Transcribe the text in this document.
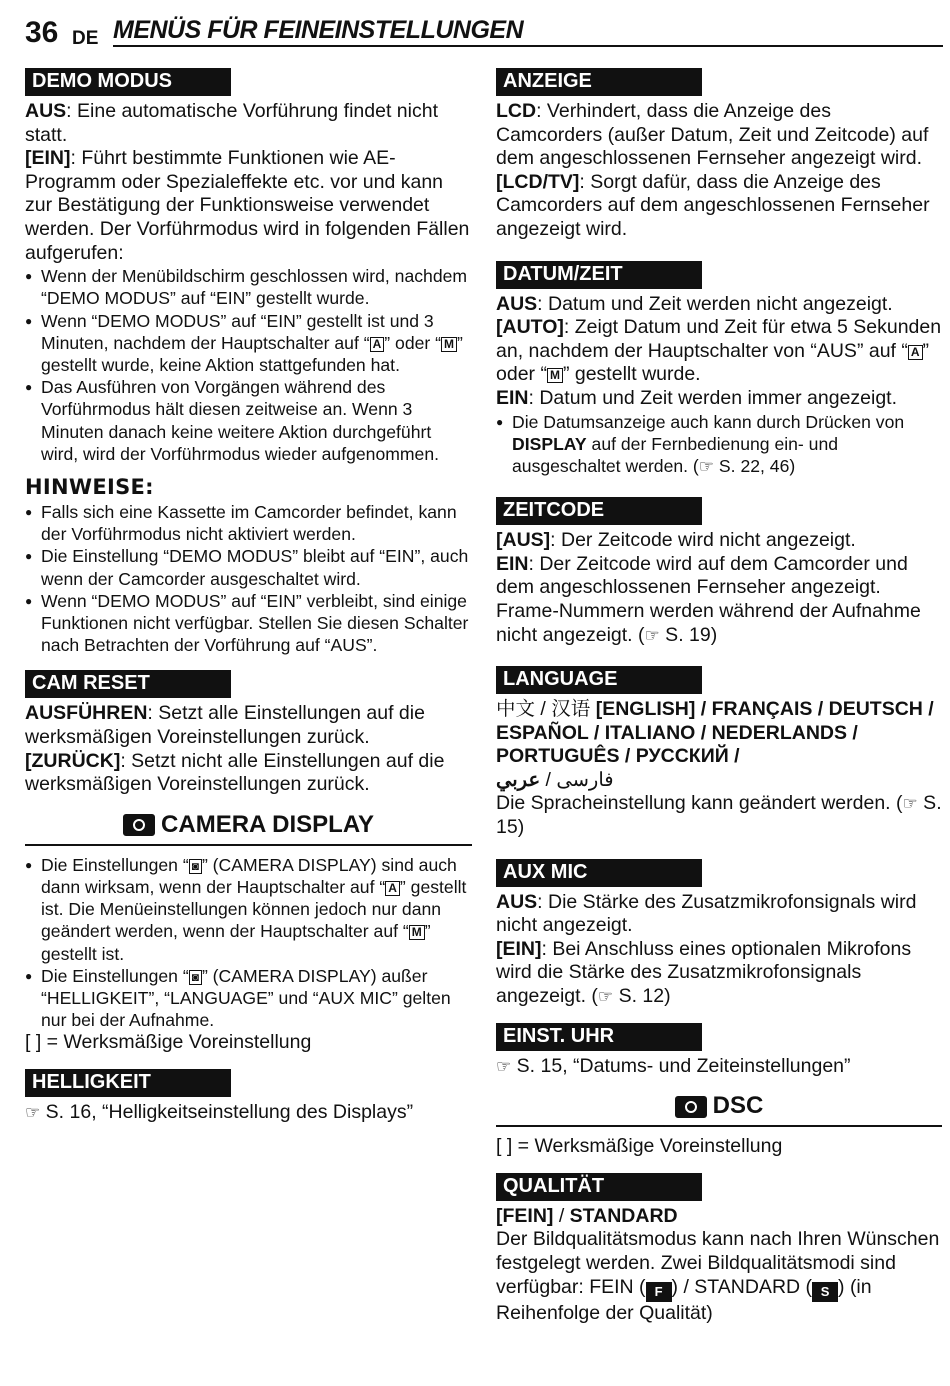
36 DE MENÜS FÜR FEINEINSTELLUNGEN
DEMO MODUS

AUS: Eine automatische Vorführung findet nicht statt.

[EIN]: Führt bestimmte Funktionen wie AE-Programm oder Spezialeffekte etc. vor und kann zur Bestätigung der Funktionsweise verwendet werden. Der Vorführmodus wird in folgenden Fällen aufgerufen:

● Wenn der Menübildschirm geschlossen wird, nachdem “DEMO MODUS” auf “EIN” gestellt wurde.
● Wenn “DEMO MODUS” auf “EIN” gestellt ist und 3 Minuten, nachdem der Hauptschalter auf “ A ” oder “ M ” gestellt wurde, keine Aktion stattgefunden hat.
● Das Ausführen von Vorgängen während des Vorführmodus hält diesen zeitweise an. Wenn 3 Minuten danach keine weitere Aktion durchgeführt wird, wird der Vorführmodus wieder aufgenommen.
HINWEISE:
● Falls sich eine Kassette im Camcorder befindet, kann der Vorführmodus nicht aktiviert werden.
● Die Einstellung “DEMO MODUS” bleibt auf “EIN”, auch wenn der Camcorder ausgeschaltet wird.
● Wenn “DEMO MODUS” auf “EIN” verbleibt, sind einige Funktionen nicht verfügbar. Stellen Sie diesen Schalter nach Betrachten der Vorführung auf “AUS”.
CAM RESET

AUSFÜHREN: Setzt alle Einstellungen auf die werksmäßigen Voreinstellungen zurück.

[ZURÜCK]: Setzt nicht alle Einstellungen auf die werksmäßigen Voreinstellungen zurück.

CAMERA DISPLAY
● Die Einstellungen “ ◙ ” (CAMERA DISPLAY) sind auch dann wirksam, wenn der Hauptschalter auf “ A ” gestellt ist. Die Menüeinstellungen können jedoch nur dann geändert werden, wenn der Hauptschalter auf “ M ” gestellt ist.
● Die Einstellungen “ ◙ ” (CAMERA DISPLAY) außer “HELLIGKEIT”, “LANGUAGE” und “AUX MIC” gelten nur bei der Aufnahme.

[ ] = Werksmäßige Voreinstellung

HELLIGKEIT

☞ S. 16, “Helligkeitseinstellung des Displays”

ANZEIGE

LCD: Verhindert, dass die Anzeige des Camcorders (außer Datum, Zeit und Zeitcode) auf dem angeschlossenen Fernseher angezeigt wird.

[LCD/TV]: Sorgt dafür, dass die Anzeige des Camcorders auf dem angeschlossenen Fernseher angezeigt wird.

DATUM/ZEIT

AUS: Datum und Zeit werden nicht angezeigt.

[AUTO]: Zeigt Datum und Zeit für etwa 5 Sekunden an, nachdem der Hauptschalter von “AUS” auf “ A ” oder “ M ” gestellt wurde.

EIN: Datum und Zeit werden immer angezeigt.

● Die Datumsanzeige auch kann durch Drücken von DISPLAY auf der Fernbedienung ein- und ausgeschaltet werden. (☞ S. 22, 46)
ZEITCODE

[AUS]: Der Zeitcode wird nicht angezeigt.

EIN: Der Zeitcode wird auf dem Camcorder und dem angeschlossenen Fernseher angezeigt. Frame-Nummern werden während der Aufnahme nicht angezeigt. (☞ S. 19)

LANGUAGE

中文 / 汉语 [ENGLISH] / FRANÇAIS / DEUTSCH / ESPAÑOL / ITALIANO / NEDERLANDS / PORTUGUÊS / РУССКИЙ /

فارسی / عربي

Die Spracheinstellung kann geändert werden. (☞ S. 15)

AUX MIC

AUS: Die Stärke des Zusatzmikrofonsignals wird nicht angezeigt.

[EIN]: Bei Anschluss eines optionalen Mikrofons wird die Stärke des Zusatzmikrofonsignals angezeigt. (☞ S. 12)

EINST. UHR

☞ S. 15, “Datums- und Zeiteinstellungen”

DSC

[ ] = Werksmäßige Voreinstellung

QUALITÄT

[FEIN] / STANDARD

Der Bildqualitätsmodus kann nach Ihren Wünschen festgelegt werden. Zwei Bildqualitätsmodi sind verfügbar: FEIN ( F ) / STANDARD ( S ) (in Reihenfolge der Qualität)
